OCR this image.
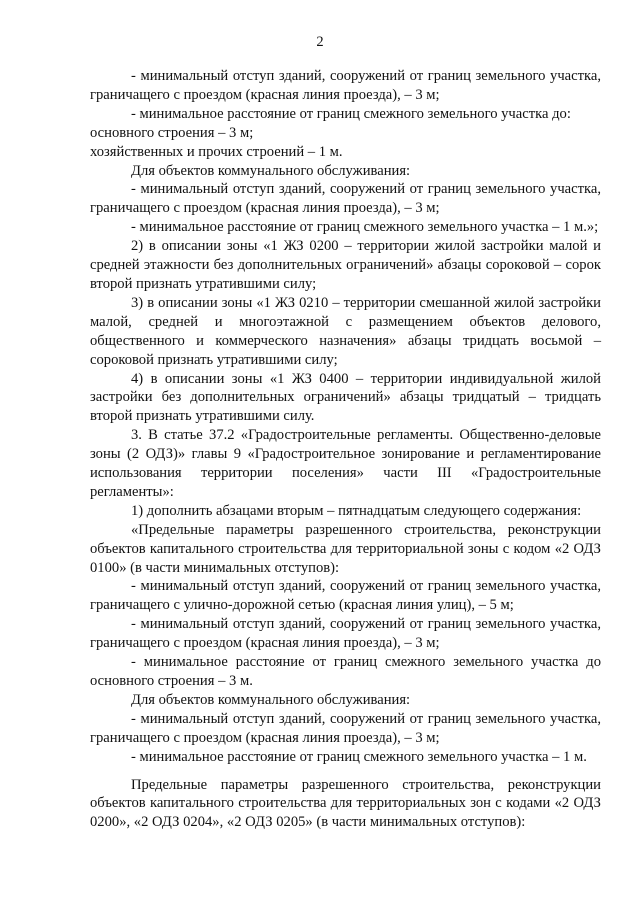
2

- минимальный отступ зданий, сооружений от границ земельного участка, граничащего с проездом (красная линия проезда), – 3 м;

- минимальное расстояние от границ смежного земельного участка до:

основного строения – 3 м;

хозяйственных и прочих строений – 1 м.

Для объектов коммунального обслуживания:

- минимальный отступ зданий, сооружений от границ земельного участка, граничащего с проездом (красная линия проезда), – 3 м;

- минимальное расстояние от границ смежного земельного участка – 1 м.»;

2) в описании зоны «1 ЖЗ 0200 – территории жилой застройки малой и средней этажности без дополнительных ограничений» абзацы сороковой – сорок второй признать утратившими силу;

3) в описании зоны «1 ЖЗ 0210 – территории смешанной жилой застройки малой, средней и многоэтажной с размещением объектов делового, общественного и коммерческого назначения» абзацы тридцать восьмой – сороковой признать утратившими силу;

4) в описании зоны «1 ЖЗ 0400 – территории индивидуальной жилой застройки без дополнительных ограничений» абзацы тридцатый – тридцать второй признать утратившими силу.

3. В статье 37.2 «Градостроительные регламенты. Общественно-деловые зоны (2 ОДЗ)» главы 9 «Градостроительное зонирование и регламентирование использования территории поселения» части III «Градостроительные регламенты»:

1) дополнить абзацами вторым – пятнадцатым следующего содержания:

«Предельные параметры разрешенного строительства, реконструкции объектов капитального строительства для территориальной зоны с кодом «2 ОДЗ 0100» (в части минимальных отступов):

- минимальный отступ зданий, сооружений от границ земельного участка, граничащего с улично-дорожной сетью (красная линия улиц), – 5 м;

- минимальный отступ зданий, сооружений от границ земельного участка, граничащего с проездом (красная линия проезда), – 3 м;

- минимальное расстояние от границ смежного земельного участка до основного строения – 3 м.

Для объектов коммунального обслуживания:

- минимальный отступ зданий, сооружений от границ земельного участка, граничащего с проездом (красная линия проезда), – 3 м;

- минимальное расстояние от границ смежного земельного участка – 1 м.

Предельные параметры разрешенного строительства, реконструкции объектов капитального строительства для территориальных зон с кодами «2 ОДЗ 0200», «2 ОДЗ 0204», «2 ОДЗ 0205» (в части минимальных отступов):
